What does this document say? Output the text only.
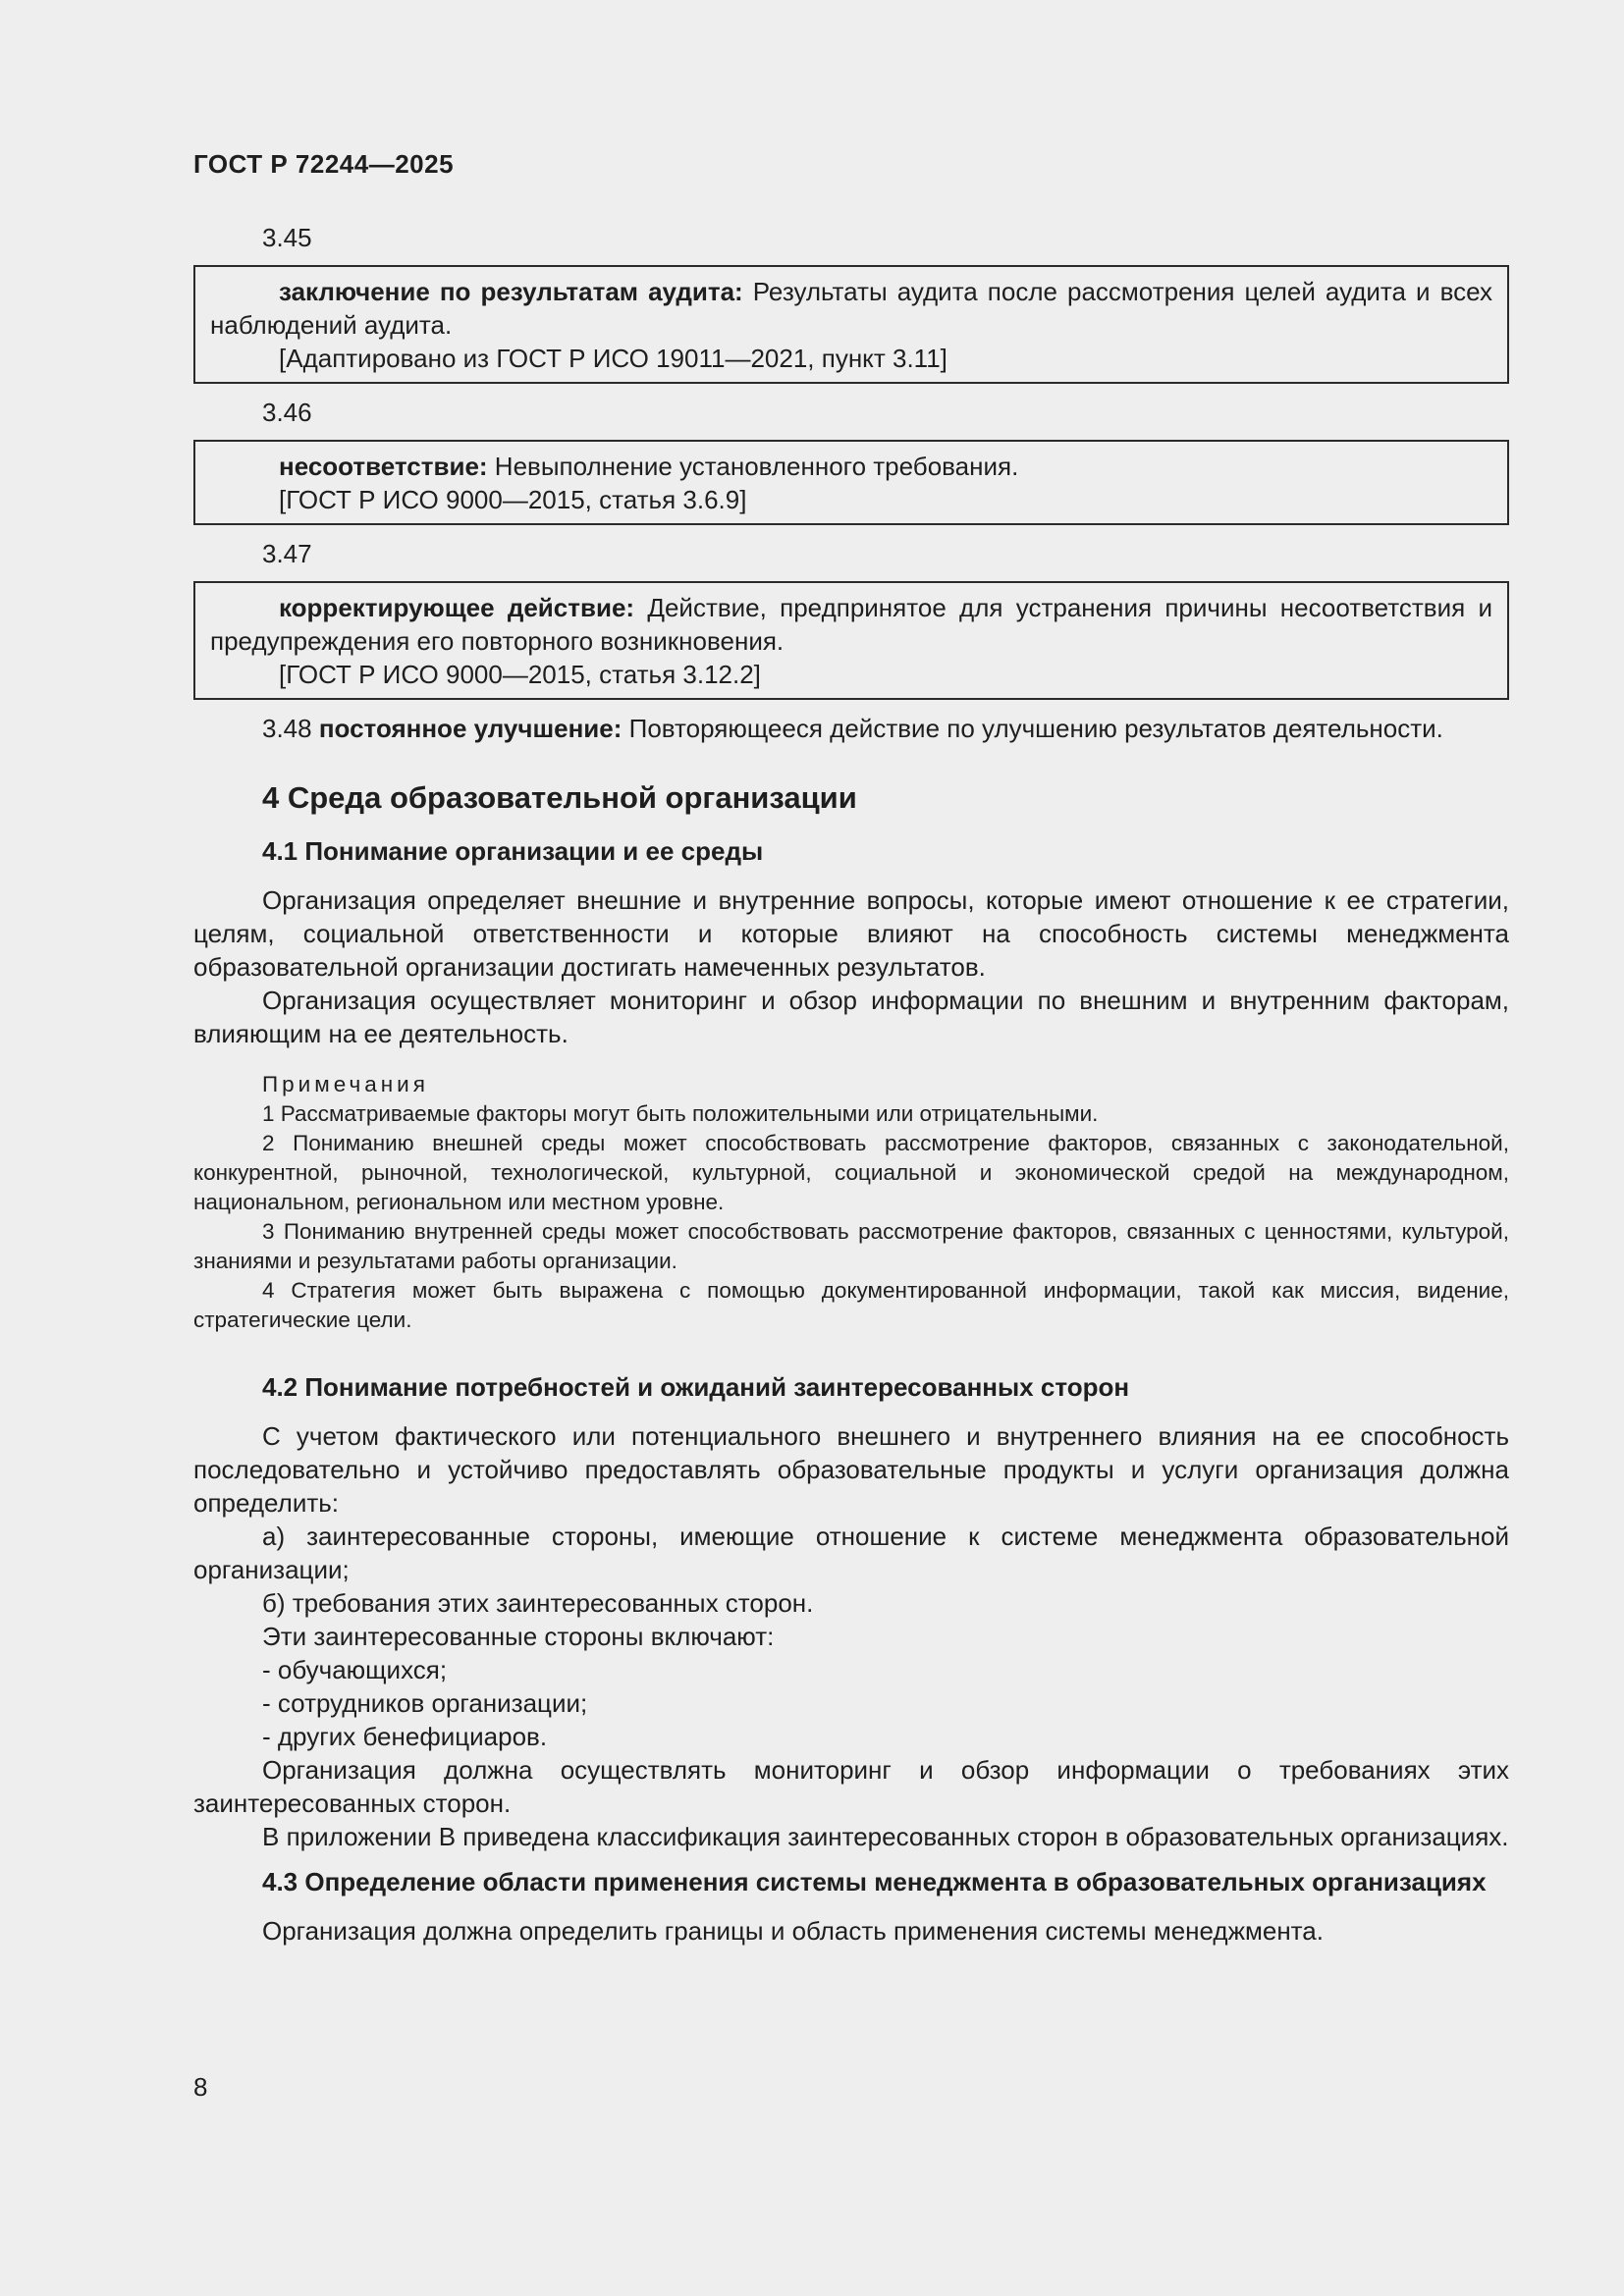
ГОСТ Р 72244—2025

3.45

заключение по результатам аудита: Результаты аудита после рассмотрения целей аудита и всех наблюдений аудита.

[Адаптировано из ГОСТ Р ИСО 19011—2021, пункт 3.11]

3.46

несоответствие: Невыполнение установленного требования.

[ГОСТ Р ИСО 9000—2015, статья 3.6.9]

3.47

корректирующее действие: Действие, предпринятое для устранения причины несоответствия и предупреждения его повторного возникновения.

[ГОСТ Р ИСО 9000—2015, статья 3.12.2]

3.48 постоянное улучшение: Повторяющееся действие по улучшению результатов деятельности.

4 Среда образовательной организации
4.1 Понимание организации и ее среды

Организация определяет внешние и внутренние вопросы, которые имеют отношение к ее стратегии, целям, социальной ответственности и которые влияют на способность системы менеджмента образовательной организации достигать намеченных результатов.

Организация осуществляет мониторинг и обзор информации по внешним и внутренним факторам, влияющим на ее деятельность.

Примечания

1 Рассматриваемые факторы могут быть положительными или отрицательными.

2 Пониманию внешней среды может способствовать рассмотрение факторов, связанных с законодательной, конкурентной, рыночной, технологической, культурной, социальной и экономической средой на международном, национальном, региональном или местном уровне.

3 Пониманию внутренней среды может способствовать рассмотрение факторов, связанных с ценностями, культурой, знаниями и результатами работы организации.

4 Стратегия может быть выражена с помощью документированной информации, такой как миссия, видение, стратегические цели.

4.2 Понимание потребностей и ожиданий заинтересованных сторон

С учетом фактического или потенциального внешнего и внутреннего влияния на ее способность последовательно и устойчиво предоставлять образовательные продукты и услуги организация должна определить:

а) заинтересованные стороны, имеющие отношение к системе менеджмента образовательной организации;

б) требования этих заинтересованных сторон.

Эти заинтересованные стороны включают:

- обучающихся;

- сотрудников организации;

- других бенефициаров.

Организация должна осуществлять мониторинг и обзор информации о требованиях этих заинтересованных сторон.

В приложении В приведена классификация заинтересованных сторон в образовательных организациях.

4.3 Определение области применения системы менеджмента в образовательных организациях

Организация должна определить границы и область применения системы менеджмента.

8
